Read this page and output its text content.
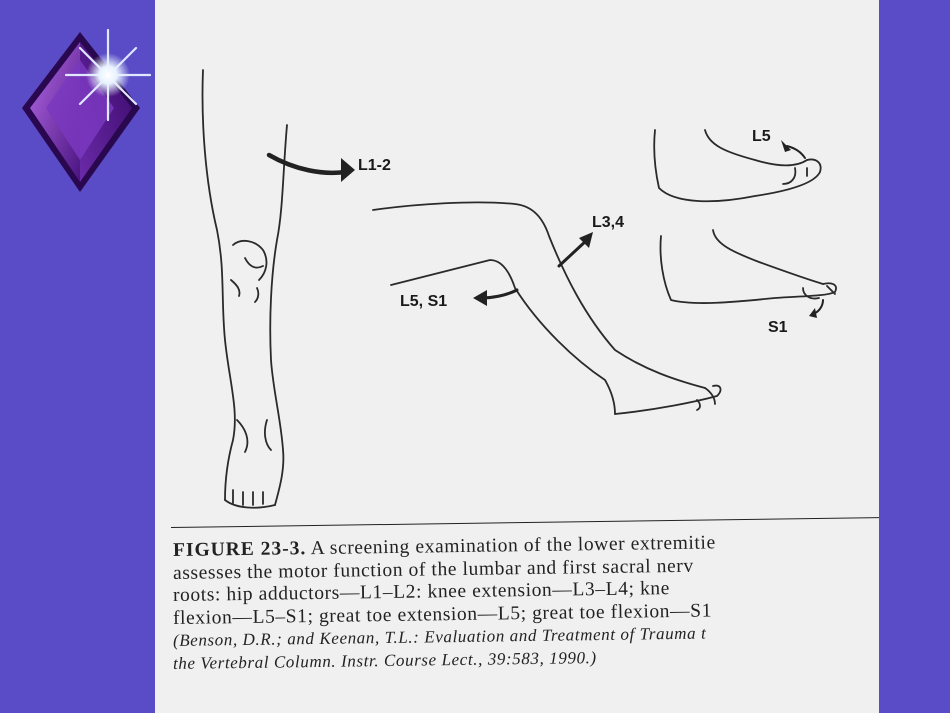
L1-2
L3,4
L5, S1
L5
S1
FIGURE 23-3. A screening examination of the lower extremitie
assesses the motor function of the lumbar and first sacral nerv
roots: hip adductors—L1–L2: knee extension—L3–L4; kne
flexion—L5–S1; great toe extension—L5; great toe flexion—S1
(Benson, D.R.; and Keenan, T.L.: Evaluation and Treatment of Trauma t
the Vertebral Column. Instr. Course Lect., 39:583, 1990.)
